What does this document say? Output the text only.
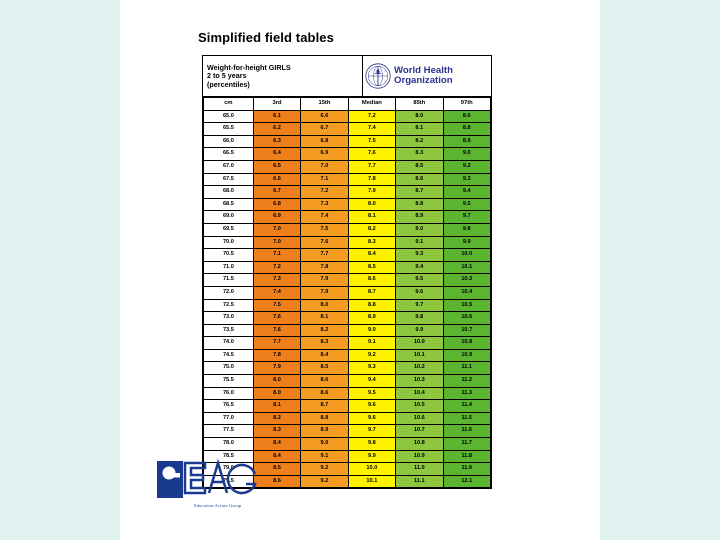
Simplified field tables
Weight-for-height GIRLS
2 to 5 years
(percentiles)
World Health
Organization
cm	3rd	15th	Median	85th	97th
65.0	6.1	6.6	7.2	8.0	8.6
65.5	6.2	6.7	7.4	8.1	8.8
66.0	6.3	6.8	7.5	8.2	8.9
66.5	6.4	6.9	7.6	8.3	9.0
67.0	6.5	7.0	7.7	8.5	9.2
67.5	6.6	7.1	7.8	8.6	9.3
68.0	6.7	7.2	7.9	8.7	9.4
68.5	6.8	7.3	8.0	8.8	9.5
69.0	6.9	7.4	8.1	8.9	9.7
69.5	7.0	7.5	8.2	9.0	9.8
70.0	7.0	7.6	8.3	9.1	9.9
70.5	7.1	7.7	8.4	9.3	10.0
71.0	7.2	7.8	8.5	9.4	10.1
71.5	7.3	7.9	8.6	9.5	10.3
72.0	7.4	7.9	8.7	9.6	10.4
72.5	7.5	8.0	8.8	9.7	10.5
73.0	7.6	8.1	8.9	9.8	10.6
73.5	7.6	8.2	9.0	9.9	10.7
74.0	7.7	8.3	9.1	10.0	10.8
74.5	7.8	8.4	9.2	10.1	10.9
75.0	7.9	8.5	9.3	10.2	11.1
75.5	8.0	8.6	9.4	10.3	11.2
76.0	8.0	8.6	9.5	10.4	11.3
76.5	8.1	8.7	9.6	10.5	11.4
77.0	8.2	8.8	9.6	10.6	11.5
77.5	8.3	8.9	9.7	10.7	11.6
78.0	8.4	9.0	9.8	10.8	11.7
78.5	8.4	9.1	9.9	10.9	11.8
79.0	8.5	9.2	10.0	11.0	11.9
79.5	8.6	9.2	10.1	11.1	12.1
Education Action Group
